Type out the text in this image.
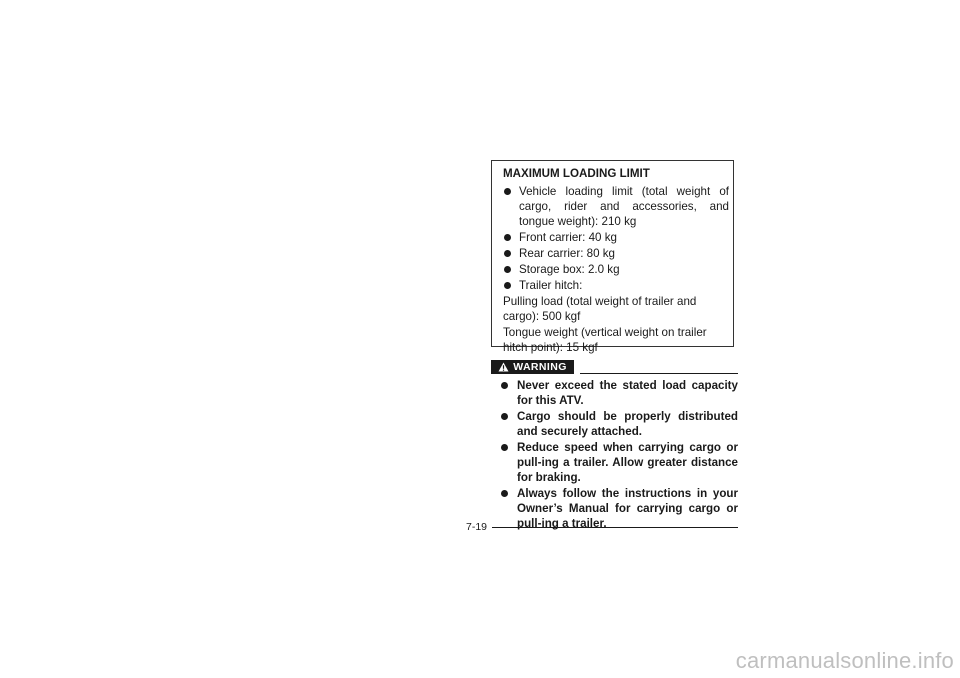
MAXIMUM LOADING LIMIT
Vehicle loading limit (total weight of cargo, rider and accessories, and tongue weight): 210 kg
Front carrier: 40 kg
Rear carrier: 80 kg
Storage box: 2.0 kg
Trailer hitch:
Pulling load (total weight of trailer and cargo): 500 kgf
Tongue weight (vertical weight on trailer hitch point): 15 kgf
WARNING
Never exceed the stated load capacity for this ATV.
Cargo should be properly distributed and securely attached.
Reduce speed when carrying cargo or pull-ing a trailer. Allow greater distance for braking.
Always follow the instructions in your Owner’s Manual for carrying cargo or pull-ing a trailer.
7-19
carmanualsonline.info
